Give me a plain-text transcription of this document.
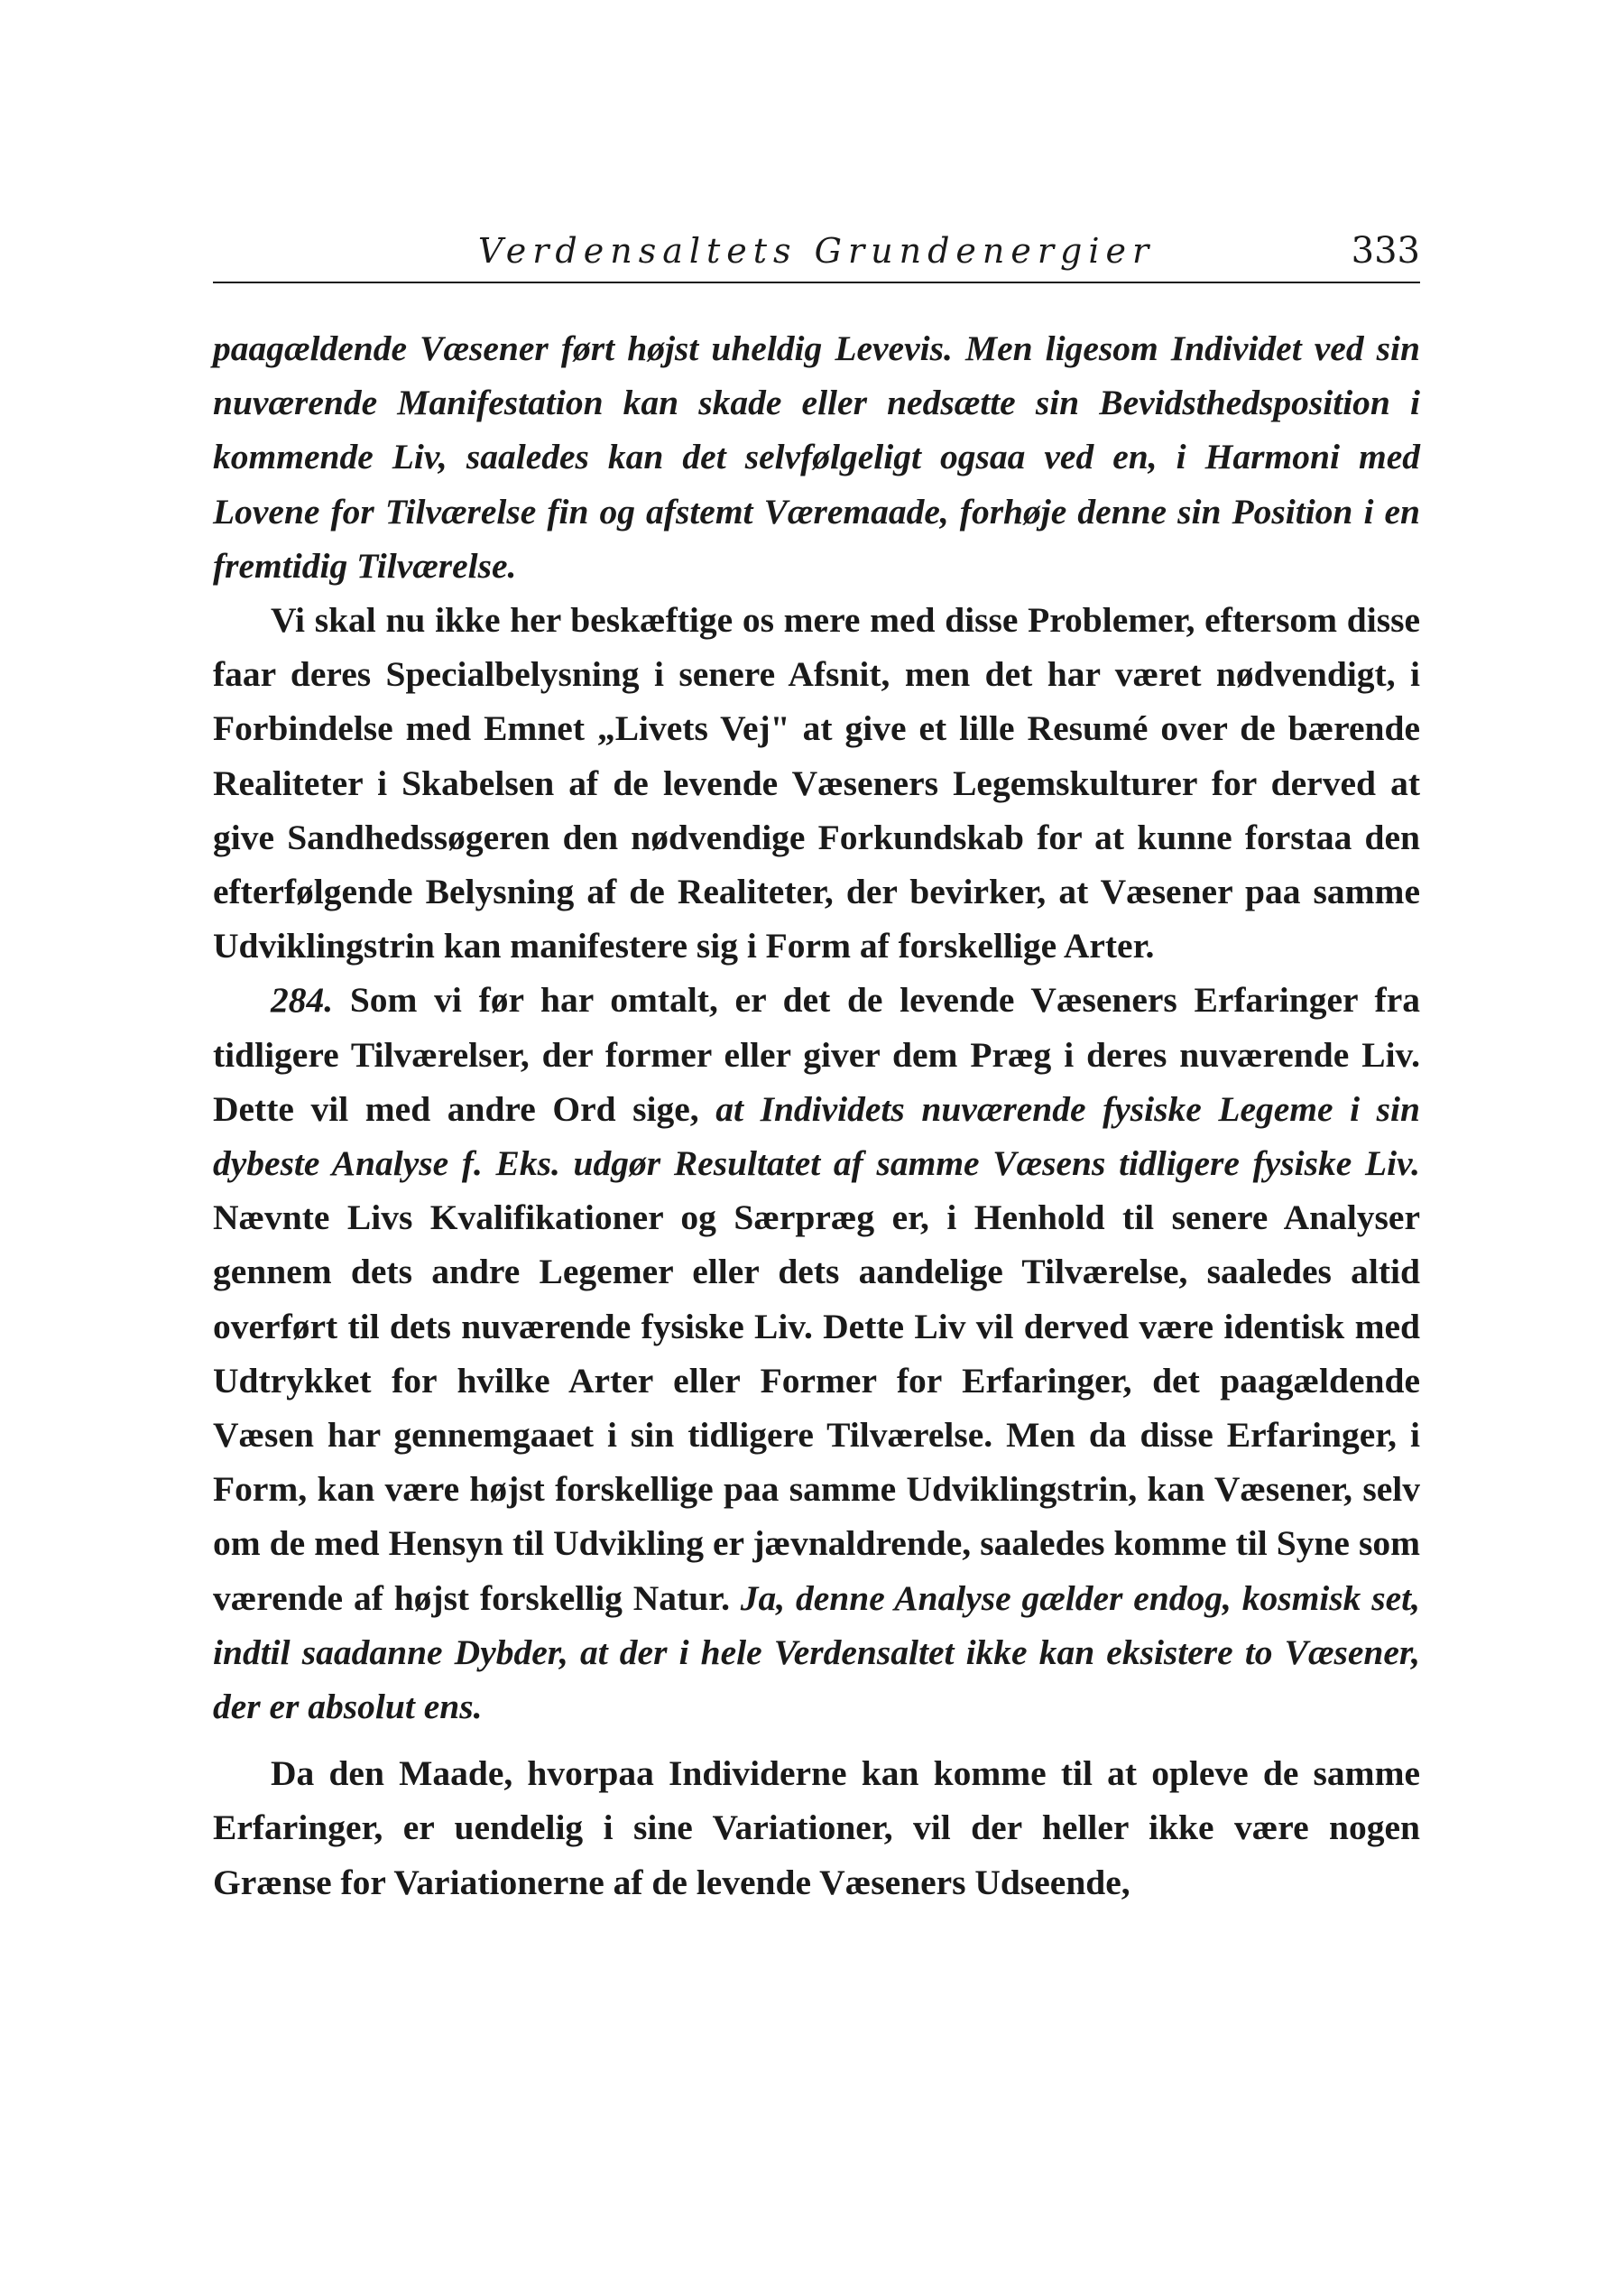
Verdensaltets Grundenergier	333

paagældende Væsener ført højst uheldig Levevis. Men ligesom Individet ved sin nuværende Manifestation kan skade eller nedsætte sin Bevidsthedsposition i kommende Liv, saaledes kan det selvfølgeligt ogsaa ved en, i Harmoni med Lovene for Tilværelse fin og afstemt Væremaade, forhøje denne sin Position i en fremtidig Tilværelse.

Vi skal nu ikke her beskæftige os mere med disse Problemer, eftersom disse faar deres Specialbelysning i senere Afsnit, men det har været nødvendigt, i Forbindelse med Emnet „Livets Vej" at give et lille Resumé over de bærende Realiteter i Skabelsen af de levende Væseners Legemskulturer for derved at give Sandhedssøgeren den nødvendige Forkundskab for at kunne forstaa den efterfølgende Belysning af de Realiteter, der bevirker, at Væsener paa samme Udviklingstrin kan manifestere sig i Form af forskellige Arter.

284. Som vi før har omtalt, er det de levende Væseners Erfaringer fra tidligere Tilværelser, der former eller giver dem Præg i deres nuværende Liv. Dette vil med andre Ord sige, at Individets nuværende fysiske Legeme i sin dybeste Analyse f. Eks. udgør Resultatet af samme Væsens tidligere fysiske Liv. Nævnte Livs Kvalifikationer og Særpræg er, i Henhold til senere Analyser gennem dets andre Legemer eller dets aandelige Tilværelse, saaledes altid overført til dets nuværende fysiske Liv. Dette Liv vil derved være identisk med Udtrykket for hvilke Arter eller Former for Erfaringer, det paagældende Væsen har gennemgaaet i sin tidligere Tilværelse. Men da disse Erfaringer, i Form, kan være højst forskellige paa samme Udviklingstrin, kan Væsener, selv om de med Hensyn til Udvikling er jævnaldrende, saaledes komme til Syne som værende af højst forskellig Natur. Ja, denne Analyse gælder endog, kosmisk set, indtil saadanne Dybder, at der i hele Verdensaltet ikke kan eksistere to Væsener, der er absolut ens.

Da den Maade, hvorpaa Individerne kan komme til at opleve de samme Erfaringer, er uendelig i sine Variationer, vil der heller ikke være nogen Grænse for Variationerne af de levende Væseners Udseende,
